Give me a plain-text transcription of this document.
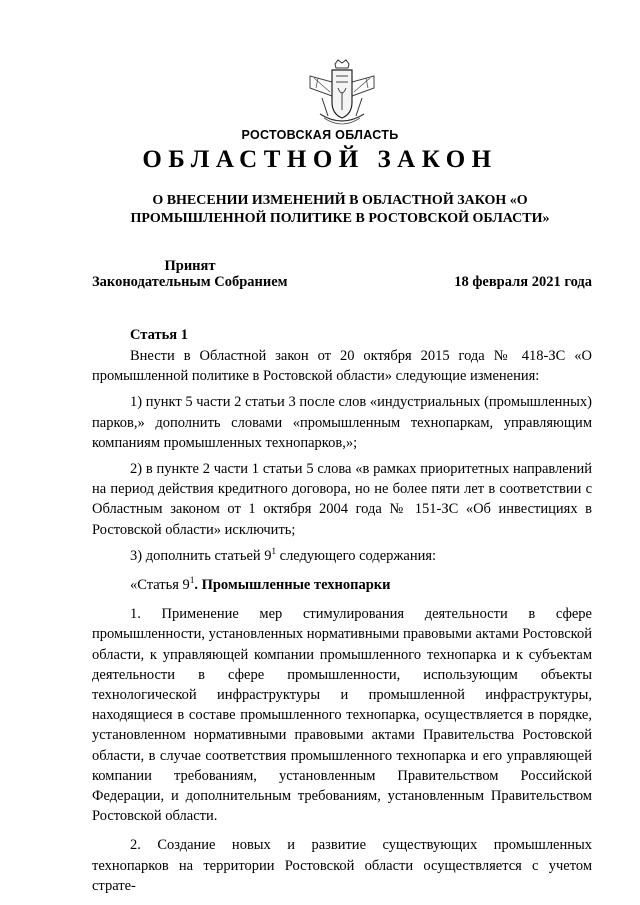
РОСТОВСКАЯ ОБЛАСТЬ
ОБЛАСТНОЙ ЗАКОН
О ВНЕСЕНИИ ИЗМЕНЕНИЙ В ОБЛАСТНОЙ ЗАКОН «О ПРОМЫШЛЕННОЙ ПОЛИТИКЕ В РОСТОВСКОЙ ОБЛАСТИ»
Принят
Законодательным Собранием	18 февраля 2021 года
Статья 1

Внести в Областной закон от 20 октября 2015 года № 418-ЗС «О промышленной политике в Ростовской области» следующие изменения:

1) пункт 5 части 2 статьи 3 после слов «индустриальных (промышленных) парков,» дополнить словами «промышленным технопаркам, управляющим компаниям промышленных технопарков,»;

2) в пункте 2 части 1 статьи 5 слова «в рамках приоритетных направлений на период действия кредитного договора, но не более пяти лет в соответствии с Областным законом от 1 октября 2004 года № 151-ЗС «Об инвестициях в Ростовской области» исключить;

3) дополнить статьей $9^1$ следующего содержания:

«Статья $9^1$. Промышленные технопарки

1. Применение мер стимулирования деятельности в сфере промышленности, установленных нормативными правовыми актами Ростовской области, к управляющей компании промышленного технопарка и к субъектам деятельности в сфере промышленности, использующим объекты технологической инфраструктуры и промышленной инфраструктуры, находящиеся в составе промышленного технопарка, осуществляется в порядке, установленном нормативными правовыми актами Правительства Ростовской области, в случае соответствия промышленного технопарка и его управляющей компании требованиям, установленным Правительством Российской Федерации, и дополнительным требованиям, установленным Правительством Ростовской области.

2. Создание новых и развитие существующих промышленных технопарков на территории Ростовской области осуществляется с учетом страте-
